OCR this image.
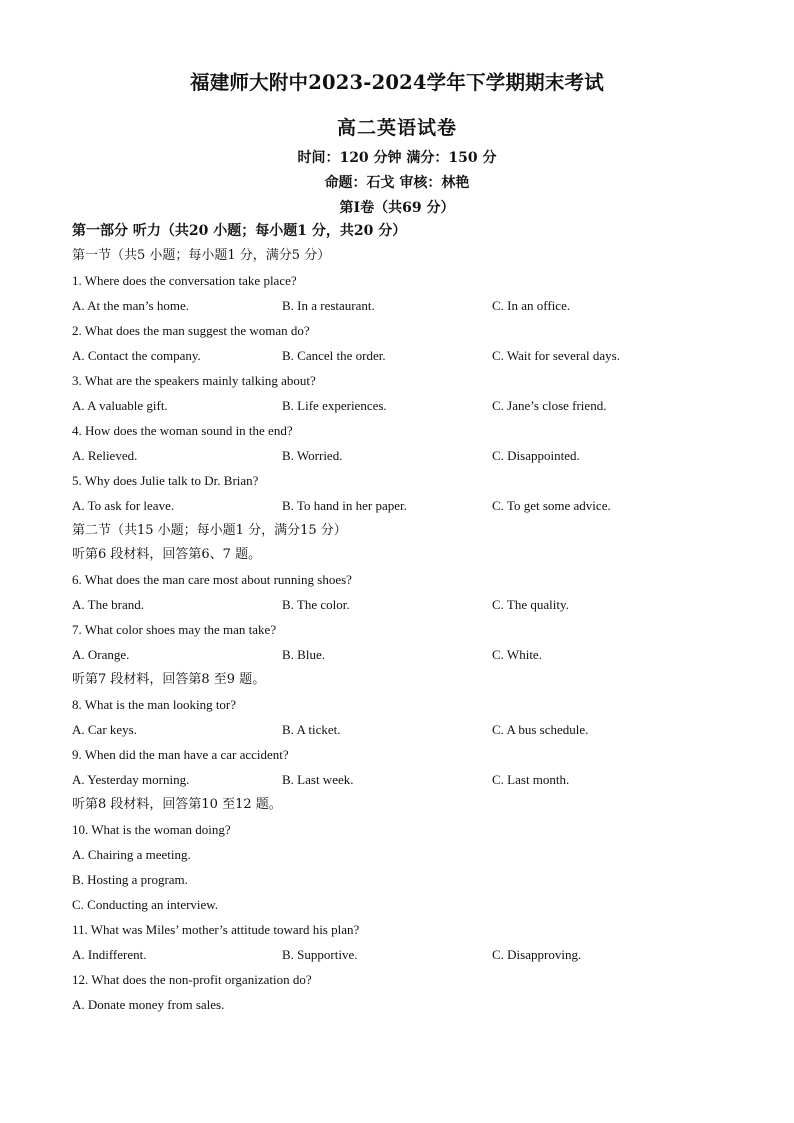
福建师大附中2023-2024学年下学期期末考试
高二英语试卷
时间：120 分钟 满分：150 分
命题：石戈 审核：林艳
第Ⅰ卷（共69 分）
第一部分 听力（共20 小题；每小题1 分，共20 分）
第一节（共5 小题；每小题1 分，满分5 分）
1. Where does the conversation take place?
A. At the man’s home.	B. In a restaurant.	C. In an office.
2. What does the man suggest the woman do?
A. Contact the company.	B. Cancel the order.	C. Wait for several days.
3. What are the speakers mainly talking about?
A. A valuable gift.	B. Life experiences.	C. Jane’s close friend.
4. How does the woman sound in the end?
A. Relieved.	B. Worried.	C. Disappointed.
5. Why does Julie talk to Dr. Brian?
A. To ask for leave.	B. To hand in her paper.	C. To get some advice.
第二节（共15 小题；每小题1 分，满分15 分）
听第6 段材料，回答第6、7 题。
6. What does the man care most about running shoes?
A. The brand.	B. The color.	C. The quality.
7. What color shoes may the man take?
A. Orange.	B. Blue.	C. White.
听第7 段材料，回答第8 至9 题。
8. What is the man looking tor?
A. Car keys.	B. A ticket.	C. A bus schedule.
9. When did the man have a car accident?
A. Yesterday morning.	B. Last week.	C. Last month.
听第8 段材料，回答第10 至12 题。
10. What is the woman doing?
A. Chairing a meeting.
B. Hosting a program.
C. Conducting an interview.
11. What was Miles’ mother’s attitude toward his plan?
A. Indifferent.	B. Supportive.	C. Disapproving.
12. What does the non-profit organization do?
A. Donate money from sales.
